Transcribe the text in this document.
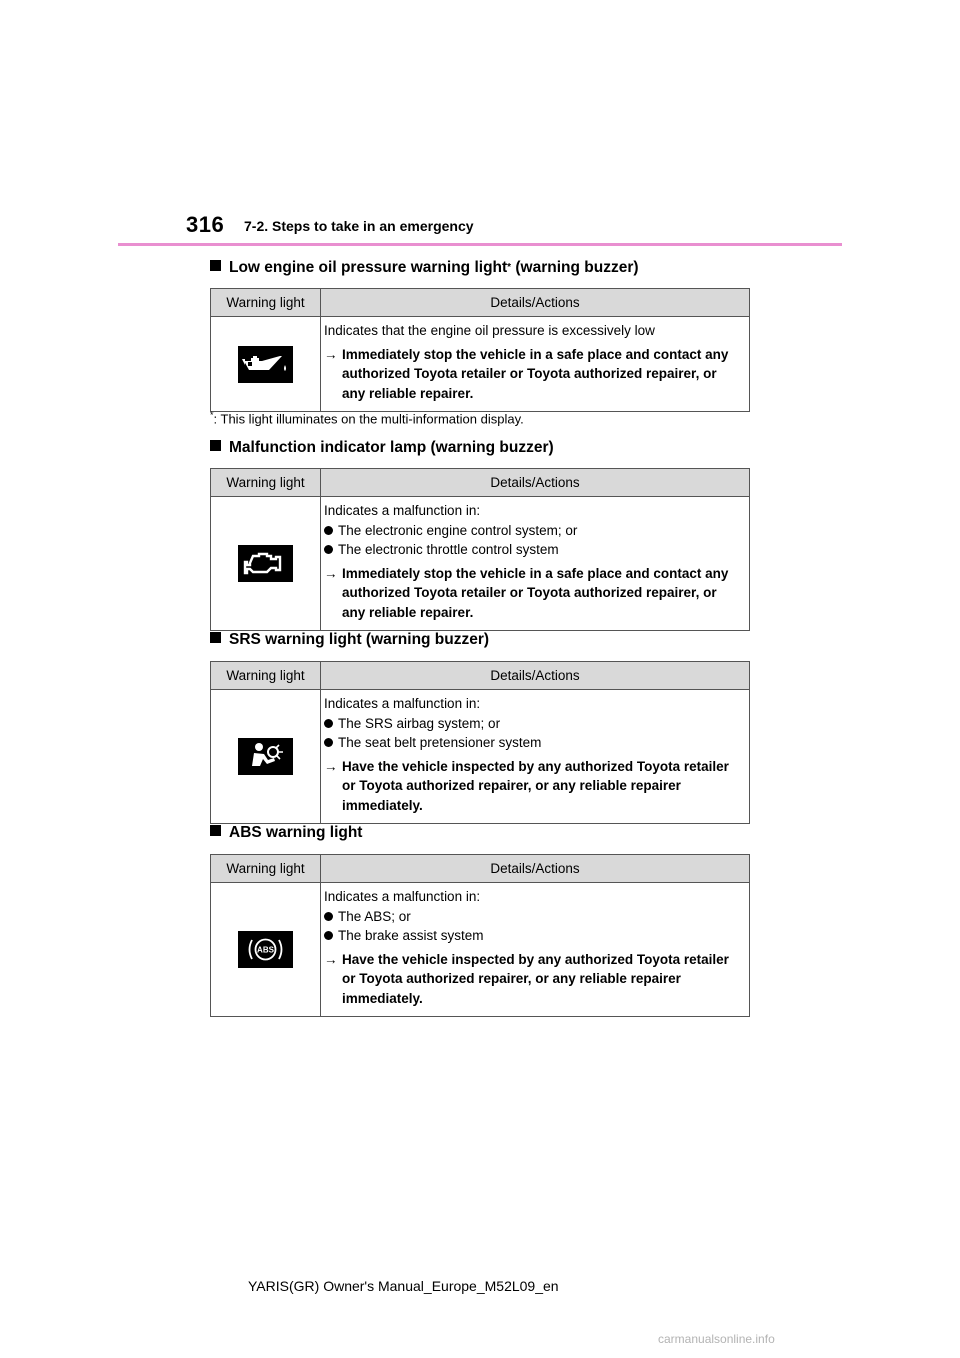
316 7-2. Steps to take in an emergency
Low engine oil pressure warning light* (warning buzzer)
Warning light	Details/Actions

Indicates that the engine oil pressure is excessively low
→ Immediately stop the vehicle in a safe place and contact any authorized Toyota retailer or Toyota authorized repairer, or any reliable repairer.
*: This light illuminates on the multi-information display.
Malfunction indicator lamp (warning buzzer)
Warning light	Details/Actions

Indicates a malfunction in:
The electronic engine control system; or
The electronic throttle control system
→ Immediately stop the vehicle in a safe place and contact any authorized Toyota retailer or Toyota authorized repairer, or any reliable repairer.
SRS warning light (warning buzzer)
Warning light	Details/Actions

Indicates a malfunction in:
The SRS airbag system; or
The seat belt pretensioner system
→ Have the vehicle inspected by any authorized Toyota retailer or Toyota authorized repairer, or any reliable repairer immediately.
ABS warning light
Warning light	Details/Actions

ABS	Indicates a malfunction in:
The ABS; or
The brake assist system
→ Have the vehicle inspected by any authorized Toyota retailer or Toyota authorized repairer, or any reliable repairer immediately.
YARIS(GR) Owner's Manual_Europe_M52L09_en
carmanualsonline.info
